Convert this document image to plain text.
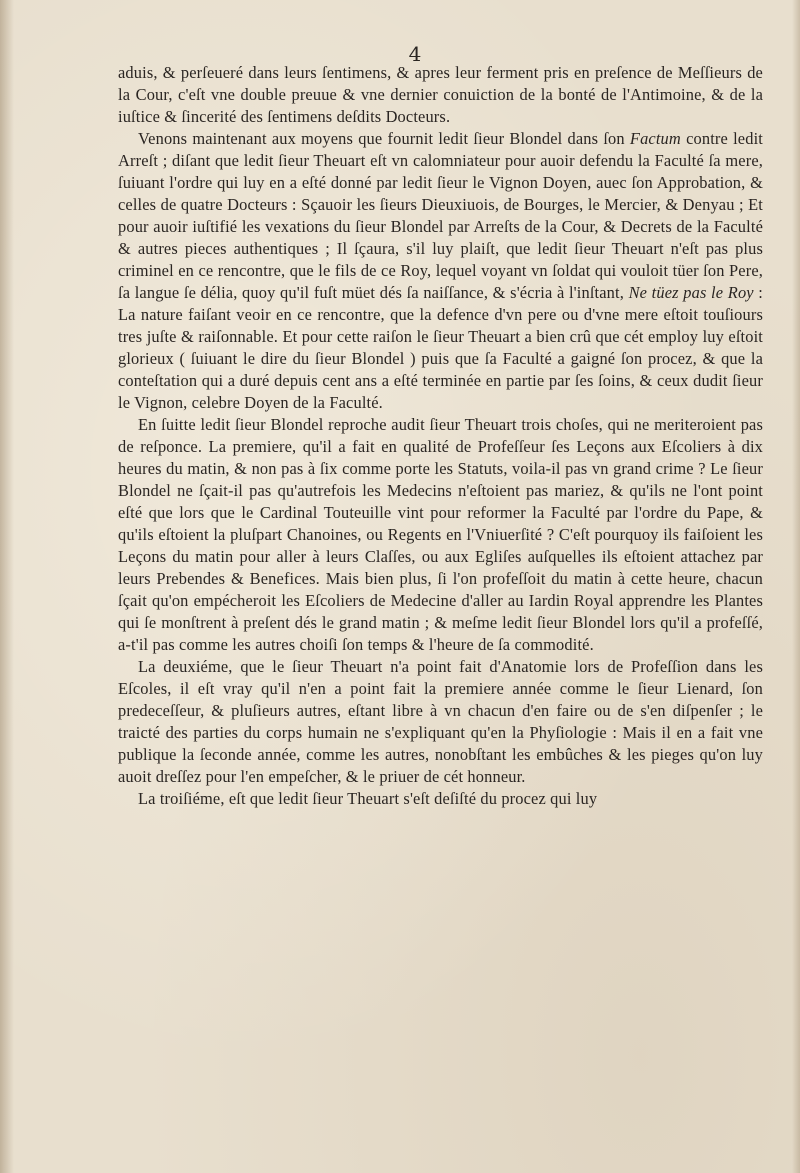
4

aduis, & perſeueré dans leurs ſentimens, & apres leur ferment pris en preſence de Meſſieurs de la Cour, c'eſt vne double preuue & vne dernier conuiction de la bonté de l'Antimoine, & de la iuſtice & ſincerité des ſentimens deſdits Docteurs.

Venons maintenant aux moyens que fournit ledit ſieur Blondel dans ſon Factum contre ledit Arreſt ; diſant que ledit ſieur Theuart eſt vn calomniateur pour auoir defendu la Faculté ſa mere, ſuiuant l'ordre qui luy en a eſté donné par ledit ſieur le Vignon Doyen, auec ſon Approbation, & celles de quatre Docteurs : Sçauoir les ſieurs Dieuxiuois, de Bourges, le Mercier, & Denyau ; Et pour auoir iuſtifié les vexations du ſieur Blondel par Arreſts de la Cour, & Decrets de la Faculté & autres pieces authentiques ; Il ſçaura, s'il luy plaiſt, que ledit ſieur Theuart n'eſt pas plus criminel en ce rencontre, que le fils de ce Roy, lequel voyant vn ſoldat qui vouloit tüer ſon Pere, ſa langue ſe délia, quoy qu'il fuſt müet dés ſa naiſſance, & s'écria à l'inſtant, Ne tüez pas le Roy : La nature faiſant veoir en ce rencontre, que la defence d'vn pere ou d'vne mere eſtoit touſiours tres juſte & raiſonnable. Et pour cette raiſon le ſieur Theuart a bien crû que cét employ luy eſtoit glorieux ( ſuiuant le dire du ſieur Blondel ) puis que ſa Faculté a gaigné ſon procez, & que la conteſtation qui a duré depuis cent ans a eſté terminée en partie par ſes ſoins, & ceux dudit ſieur le Vignon, celebre Doyen de la Faculté.

En ſuitte ledit ſieur Blondel reproche audit ſieur Theuart trois choſes, qui ne meriteroient pas de reſponce. La premiere, qu'il a fait en qualité de Profeſſeur ſes Leçons aux Eſcoliers à dix heures du matin, & non pas à ſix comme porte les Statuts, voila-il pas vn grand crime ? Le ſieur Blondel ne ſçait-il pas qu'autrefois les Medecins n'eſtoient pas mariez, & qu'ils ne l'ont point eſté que lors que le Cardinal Touteuille vint pour reformer la Faculté par l'ordre du Pape, & qu'ils eſtoient la pluſpart Chanoines, ou Regents en l'Vniuerſité ? C'eſt pourquoy ils faiſoient les Leçons du matin pour aller à leurs Claſſes, ou aux Egliſes auſquelles ils eſtoient attachez par leurs Prebendes & Benefices. Mais bien plus, ſi l'on profeſſoit du matin à cette heure, chacun ſçait qu'on empécheroit les Eſcoliers de Medecine d'aller au Iardin Royal apprendre les Plantes qui ſe monſtrent à preſent dés le grand matin ; & meſme ledit ſieur Blondel lors qu'il a profeſſé, a-t'il pas comme les autres choiſi ſon temps & l'heure de ſa commodité.

La deuxiéme, que le ſieur Theuart n'a point fait d'Anatomie lors de Profeſſion dans les Eſcoles, il eſt vray qu'il n'en a point fait la premiere année comme le ſieur Lienard, ſon predeceſſeur, & pluſieurs autres, eſtant libre à vn chacun d'en faire ou de s'en diſpenſer ; le traicté des parties du corps humain ne s'expliquant qu'en la Phyſiologie : Mais il en a fait vne publique la ſeconde année, comme les autres, nonobſtant les embûches & les pieges qu'on luy auoit dreſſez pour l'en empeſcher, & le priuer de cét honneur.

La troiſiéme, eſt que ledit ſieur Theuart s'eſt deſiſté du procez qui luy
